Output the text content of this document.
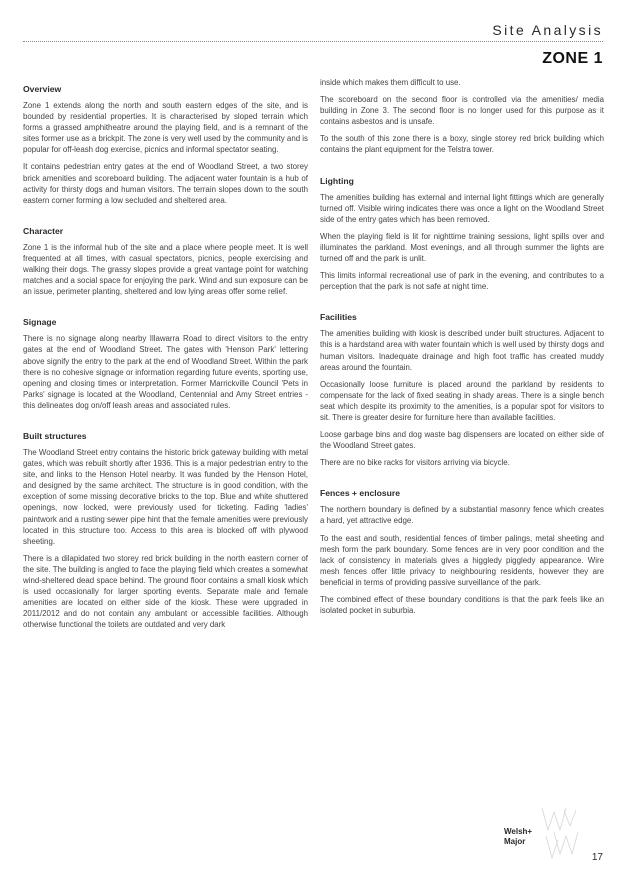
Site Analysis
ZONE 1
Overview

Zone 1 extends along the north and south eastern edges of the site, and is bounded by residential properties. It is characterised by sloped terrain which forms a grassed amphitheatre around the playing field, and is a remnant of the sites former use as a brickpit. The zone is very well used by the community and is popular for off-leash dog exercise, picnics and informal spectator seating.

It contains pedestrian entry gates at the end of Woodland Street, a two storey brick amenities and scoreboard building. The adjacent water fountain is a hub of activity for thirsty dogs and human visitors. The terrain slopes down to the south eastern corner forming a low secluded and sheltered area.

Character

Zone 1 is the informal hub of the site and a place where people meet. It is well frequented at all times, with casual spectators, picnics, people exercising and walking their dogs. The grassy slopes provide a great vantage point for watching matches and a social space for enjoying the park. Wind and sun exposure can be an issue, perimeter planting, sheltered and low lying areas offer some relief.

Signage

There is no signage along nearby Illawarra Road to direct visitors to the entry gates at the end of Woodland Street. The gates with 'Henson Park' lettering above signify the entry to the park at the end of Woodland Street. Within the park there is no cohesive signage or information regarding future events, sporting use, opening and closing times or interpretation. Former Marrickville Council 'Pets in Parks' signage is located at the Woodland, Centennial and Amy Street entries - this delineates dog on/off leash areas and associated rules.

Built structures

The Woodland Street entry contains the historic brick gateway building with metal gates, which was rebuilt shortly after 1936. This is a major pedestrian entry to the site, and links to the Henson Hotel nearby. It was funded by the Henson Hotel, and designed by the same architect. The structure is in good condition, with the exception of some missing decorative bricks to the top. Blue and white shuttered openings, now locked, were previously used for ticketing. Fading 'ladies' paintwork and a rusting sewer pipe hint that the female amenities were previously located in this structure too. Access to this area is blocked off with plywood sheeting.

There is a dilapidated two storey red brick building in the north eastern corner of the site. The building is angled to face the playing field which creates a somewhat wind-sheltered dead space behind. The ground floor contains a small kiosk which is used occasionally for larger sporting events. Separate male and female amenities are located on either side of the kiosk. These were upgraded in 2011/2012 and do not contain any ambulant or accessible facilities. Although otherwise functional the toilets are outdated and very dark

inside which makes them difficult to use.

The scoreboard on the second floor is controlled via the amenities/ media building in Zone 3. The second floor is no longer used for this purpose as it contains asbestos and is unsafe.

To the south of this zone there is a boxy, single storey red brick building which contains the plant equipment for the Telstra tower.

Lighting

The amenities building has external and internal light fittings which are generally turned off. Visible wiring indicates there was once a light on the Woodland Street side of the entry gates which has been removed.

When the playing field is lit for nighttime training sessions, light spills over and illuminates the parkland. Most evenings, and all through summer the lights are turned off and the park is unlit.

This limits informal recreational use of park in the evening, and contributes to a perception that the park is not safe at night time.

Facilities

The amenities building with kiosk is described under built structures. Adjacent to this is a hardstand area with water fountain which is well used by thirsty dogs and human visitors. Inadequate drainage and high foot traffic has created muddy areas around the fountain.

Occasionally loose furniture is placed around the parkland by residents to compensate for the lack of fixed seating in shady areas. There is a single bench seat which despite its proximity to the amenities, is a popular spot for visitors to sit. There is greater desire for furniture here than available facilities.

Loose garbage bins and dog waste bag dispensers are located on either side of the Woodland Street gates.

There are no bike racks for visitors arriving via bicycle.

Fences + enclosure

The northern boundary is defined by a substantial masonry fence which creates a hard, yet attractive edge.

To the east and south, residential fences of timber palings, metal sheeting and mesh form the park boundary. Some fences are in very poor condition and the lack of consistency in materials gives a higgledy piggledy appearance. Wire mesh fences offer little privacy to neighbouring residents, however they are beneficial in terms of providing passive surveillance of the park.

The combined effect of these boundary conditions is that the park feels like an isolated pocket in suburbia.

Welsh+
Major
17
